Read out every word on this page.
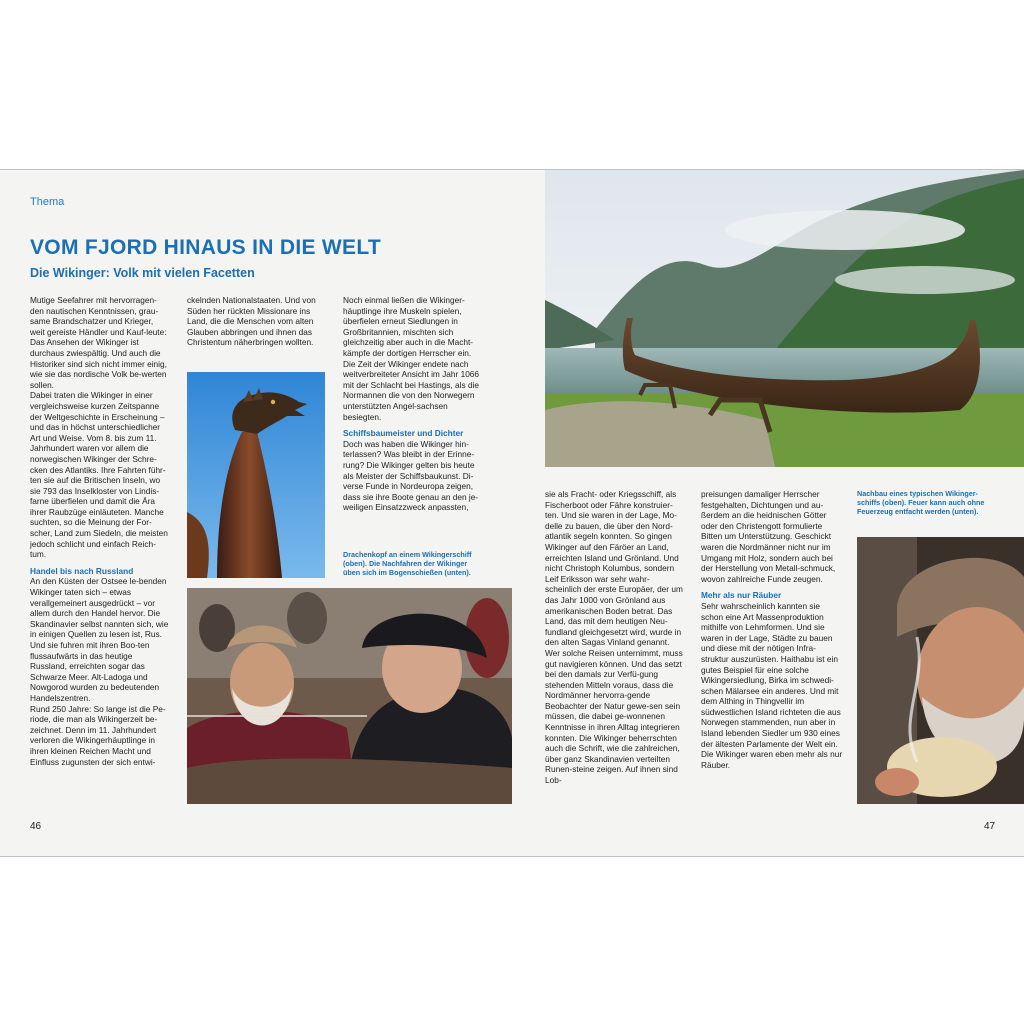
Thema
VOM FJORD HINAUS IN DIE WELT
Die Wikinger: Volk mit vielen Facetten

Mutige Seefahrer mit hervorragen-den nautischen Kenntnissen, grau-same Brandschatzer und Krieger, weit gereiste Händler und Kauf-leute: Das Ansehen der Wikinger ist durchaus zwiespältig. Und auch die Historiker sind sich nicht immer einig, wie sie das nordische Volk be-werten sollen.

Dabei traten die Wikinger in einer vergleichsweise kurzen Zeitspanne der Weltgeschichte in Erscheinung – und das in höchst unterschiedlicher Art und Weise. Vom 8. bis zum 11. Jahrhundert waren vor allem die norwegischen Wikinger der Schre-cken des Atlantiks. Ihre Fahrten führ-ten sie auf die Britischen Inseln, wo sie 793 das Inselkloster von Lindis-farne überfielen und damit die Ära ihrer Raubzüge einläuteten. Manche suchten, so die Meinung der For-scher, Land zum Siedeln, die meisten jedoch schlicht und einfach Reich-tum.

Handel bis nach Russland

An den Küsten der Ostsee le-benden Wikinger taten sich – etwas verallgemeinert ausgedrückt – vor allem durch den Handel hervor. Die Skandinavier selbst nannten sich, wie in einigen Quellen zu lesen ist, Rus. Und sie fuhren mit ihren Boo-ten flussaufwärts in das heutige Russland, erreichten sogar das Schwarze Meer. Alt-Ladoga und Nowgorod wurden zu bedeutenden Handelszentren.

Rund 250 Jahre: So lange ist die Pe-riode, die man als Wikingerzeit be-zeichnet. Denn im 11. Jahrhundert verloren die Wikingerhäuptlinge in ihren kleinen Reichen Macht und Einfluss zugunsten der sich entwi-

ckelnden Nationalstaaten. Und von Süden her rückten Missionare ins Land, die die Menschen vom alten Glauben abbringen und ihnen das Christentum näherbringen wollten.

Noch einmal ließen die Wikinger-häuptlinge ihre Muskeln spielen, überfielen erneut Siedlungen in Großbritannien, mischten sich gleichzeitig aber auch in die Macht-kämpfe der dortigen Herrscher ein. Die Zeit der Wikinger endete nach weitverbreiteter Ansicht im Jahr 1066 mit der Schlacht bei Hastings, als die Normannen die von den Norwegern unterstützten Angel-sachsen besiegten.

Schiffsbaumeister und Dichter

Doch was haben die Wikinger hin-terlassen? Was bleibt in der Erinne-rung? Die Wikinger gelten bis heute als Meister der Schiffsbaukunst. Di-verse Funde in Nordeuropa zeigen, dass sie ihre Boote genau an den je-weiligen Einsatzzweck anpassten,

Drachenkopf an einem Wikingerschiff (oben). Die Nachfahren der Wikinger üben sich im Bogenschießen (unten).
46

sie als Fracht- oder Kriegsschiff, als Fischerboot oder Fähre konstruier-ten. Und sie waren in der Lage, Mo-delle zu bauen, die über den Nord-atlantik segeln konnten. So gingen Wikinger auf den Färöer an Land, erreichten Island und Grönland. Und nicht Christoph Kolumbus, sondern Leif Eriksson war sehr wahr-scheinlich der erste Europäer, der um das Jahr 1000 von Grönland aus amerikanischen Boden betrat. Das Land, das mit dem heutigen Neu-fundland gleichgesetzt wird, wurde in den alten Sagas Vinland genannt. Wer solche Reisen unternimmt, muss gut navigieren können. Und das setzt bei den damals zur Verfü-gung stehenden Mitteln voraus, dass die Nordmänner hervorra-gende Beobachter der Natur gewe-sen sein müssen, die dabei ge-wonnenen Kenntnisse in ihren Alltag integrieren konnten. Die Wikinger beherrschten auch die Schrift, wie die zahlreichen, über ganz Skandinavien verteilten Runen-steine zeigen. Auf ihnen sind Lob-

preisungen damaliger Herrscher festgehalten, Dichtungen und au-ßerdem an die heidnischen Götter oder den Christengott formulierte Bitten um Unterstützung. Geschickt waren die Nordmänner nicht nur im Umgang mit Holz, sondern auch bei der Herstellung von Metall-schmuck, wovon zahlreiche Funde zeugen.

Mehr als nur Räuber

Sehr wahrscheinlich kannten sie schon eine Art Massenproduktion mithilfe von Lehmformen. Und sie waren in der Lage, Städte zu bauen und diese mit der nötigen Infra-struktur auszurüsten. Haithabu ist ein gutes Beispiel für eine solche Wikingersiedlung, Birka im schwedi-schen Mälarsee ein anderes. Und mit dem Althing in Thingvellir im südwestlichen Island richteten die aus Norwegen stammenden, nun aber in Island lebenden Siedler um 930 eines der ältesten Parlamente der Welt ein. Die Wikinger waren eben mehr als nur Räuber.

Nachbau eines typischen Wikinger-schiffs (oben). Feuer kann auch ohne Feuerzeug entfacht werden (unten).
47
